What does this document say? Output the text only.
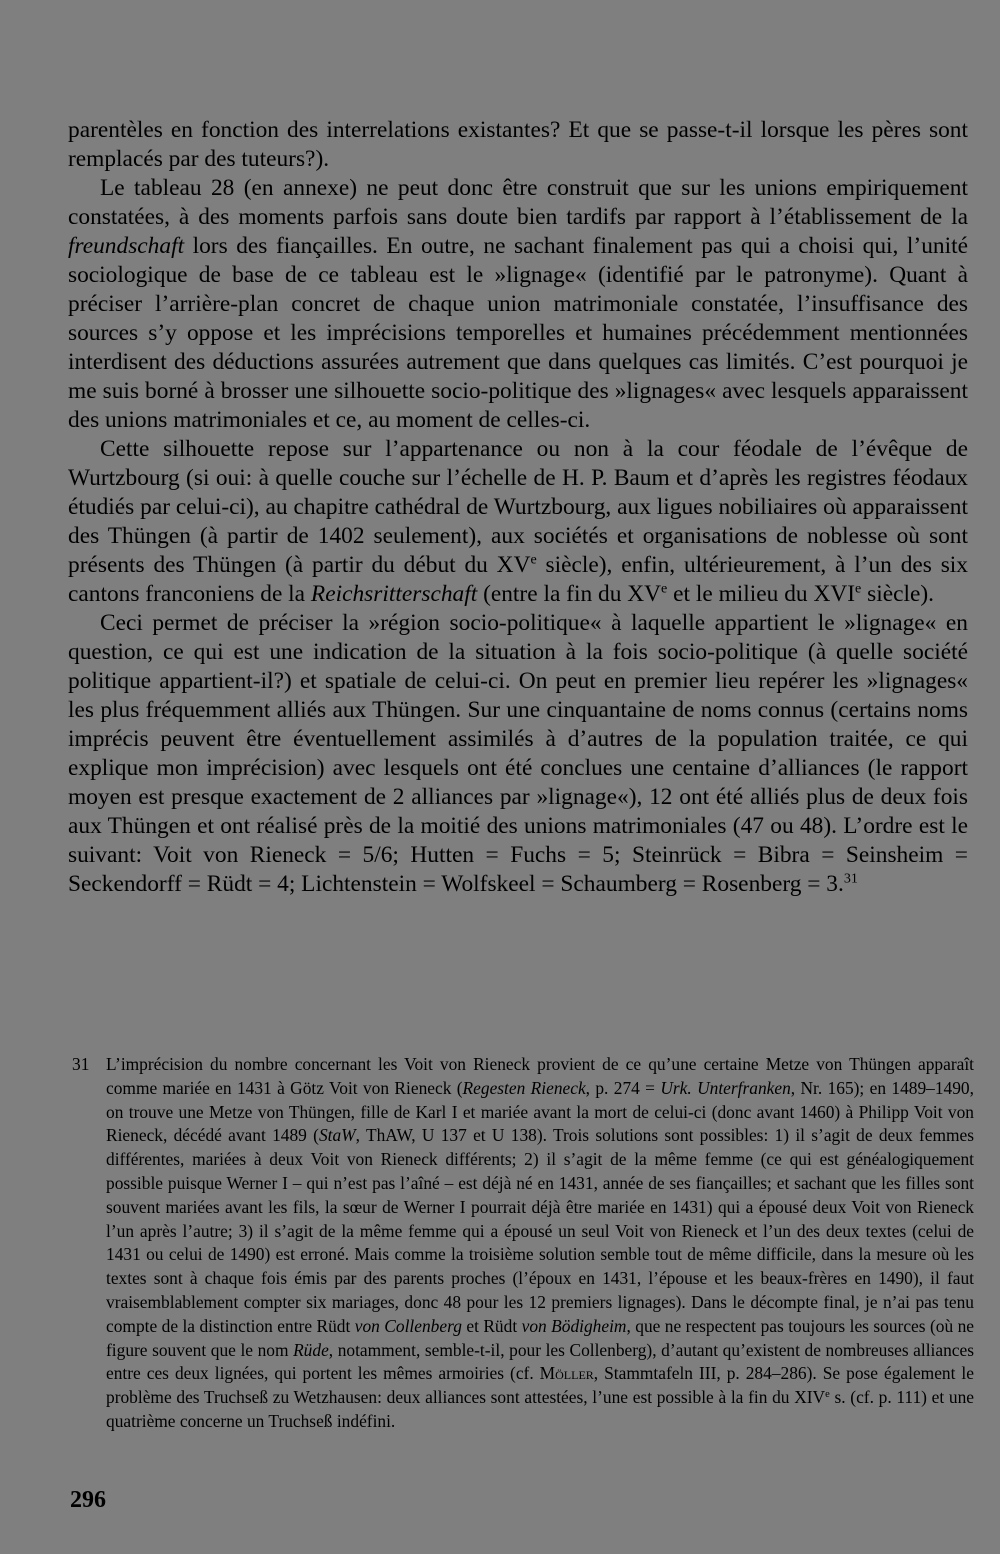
parentèles en fonction des interrelations existantes? Et que se passe-t-il lorsque les pères sont remplacés par des tuteurs?).

Le tableau 28 (en annexe) ne peut donc être construit que sur les unions empiriquement constatées, à des moments parfois sans doute bien tardifs par rapport à l’établissement de la freundschaft lors des fiançailles. En outre, ne sachant finalement pas qui a choisi qui, l’unité sociologique de base de ce tableau est le »lignage« (identifié par le patronyme). Quant à préciser l’arrière-plan concret de chaque union matrimoniale constatée, l’insuffisance des sources s’y oppose et les imprécisions temporelles et humaines précédemment mentionnées interdisent des déductions assurées autrement que dans quelques cas limités. C’est pourquoi je me suis borné à brosser une silhouette socio-politique des »lignages« avec lesquels apparaissent des unions matrimoniales et ce, au moment de celles-ci.

Cette silhouette repose sur l’appartenance ou non à la cour féodale de l’évêque de Wurtzbourg (si oui: à quelle couche sur l’échelle de H. P. Baum et d’après les registres féodaux étudiés par celui-ci), au chapitre cathédral de Wurtzbourg, aux ligues nobiliaires où apparaissent des Thüngen (à partir de 1402 seulement), aux sociétés et organisations de noblesse où sont présents des Thüngen (à partir du début du XVe siècle), enfin, ultérieurement, à l’un des six cantons franconiens de la Reichsritterschaft (entre la fin du XVe et le milieu du XVIe siècle).

Ceci permet de préciser la »région socio-politique« à laquelle appartient le »lignage« en question, ce qui est une indication de la situation à la fois socio-politique (à quelle société politique appartient-il?) et spatiale de celui-ci. On peut en premier lieu repérer les »lignages« les plus fréquemment alliés aux Thüngen. Sur une cinquantaine de noms connus (certains noms imprécis peuvent être éventuellement assimilés à d’autres de la population traitée, ce qui explique mon imprécision) avec lesquels ont été conclues une centaine d’alliances (le rapport moyen est presque exactement de 2 alliances par »lignage«), 12 ont été alliés plus de deux fois aux Thüngen et ont réalisé près de la moitié des unions matrimoniales (47 ou 48). L’ordre est le suivant: Voit von Rieneck = 5/6; Hutten = Fuchs = 5; Steinrück = Bibra = Seinsheim = Seckendorff = Rüdt = 4; Lichtenstein = Wolfskeel = Schaumberg = Rosenberg = 3.31

31 L’imprécision du nombre concernant les Voit von Rieneck provient de ce qu’une certaine Metze von Thüngen apparaît comme mariée en 1431 à Götz Voit von Rieneck (Regesten Rieneck, p. 274 = Urk. Unterfranken, Nr. 165); en 1489–1490, on trouve une Metze von Thüngen, fille de Karl I et mariée avant la mort de celui-ci (donc avant 1460) à Philipp Voit von Rieneck, décédé avant 1489 (StaW, ThAW, U 137 et U 138). Trois solutions sont possibles: 1) il s’agit de deux femmes différentes, mariées à deux Voit von Rieneck différents; 2) il s’agit de la même femme (ce qui est généalogiquement possible puisque Werner I – qui n’est pas l’aîné – est déjà né en 1431, année de ses fiançailles; et sachant que les filles sont souvent mariées avant les fils, la sœur de Werner I pourrait déjà être mariée en 1431) qui a épousé deux Voit von Rieneck l’un après l’autre; 3) il s’agit de la même femme qui a épousé un seul Voit von Rieneck et l’un des deux textes (celui de 1431 ou celui de 1490) est erroné. Mais comme la troisième solution semble tout de même difficile, dans la mesure où les textes sont à chaque fois émis par des parents proches (l’époux en 1431, l’épouse et les beaux-frères en 1490), il faut vraisemblablement compter six mariages, donc 48 pour les 12 premiers lignages). Dans le décompte final, je n’ai pas tenu compte de la distinction entre Rüdt von Collenberg et Rüdt von Bödigheim, que ne respectent pas toujours les sources (où ne figure souvent que le nom Rüde, notamment, semble-t-il, pour les Collenberg), d’autant qu’existent de nombreuses alliances entre ces deux lignées, qui portent les mêmes armoiries (cf. Möller, Stammtafeln III, p. 284–286). Se pose également le problème des Truchseß zu Wetzhausen: deux alliances sont attestées, l’une est possible à la fin du XIVe s. (cf. p. 111) et une quatrième concerne un Truchseß indéfini.
296
